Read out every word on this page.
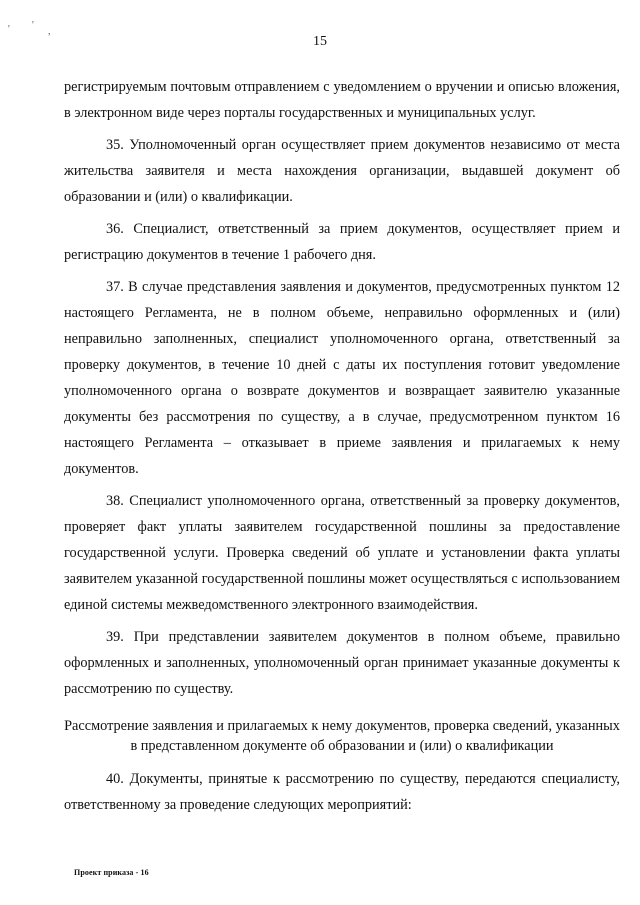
' '
,
15

регистрируемым почтовым отправлением с уведомлением о вручении и описью вложения, в электронном виде через порталы государственных и муниципальных услуг.

35. Уполномоченный орган осуществляет прием документов независимо от места жительства заявителя и места нахождения организации, выдавшей документ об образовании и (или) о квалификации.

36. Специалист, ответственный за прием документов, осуществляет прием и регистрацию документов в течение 1 рабочего дня.

37. В случае представления заявления и документов, предусмотренных пунктом 12 настоящего Регламента, не в полном объеме, неправильно оформленных и (или) неправильно заполненных, специалист уполномоченного органа, ответственный за проверку документов, в течение 10 дней с даты их поступления готовит уведомление уполномоченного органа о возврате документов и возвращает заявителю указанные документы без рассмотрения по существу, а в случае, предусмотренном пунктом 16 настоящего Регламента – отказывает в приеме заявления и прилагаемых к нему документов.

38. Специалист уполномоченного органа, ответственный за проверку документов, проверяет факт уплаты заявителем государственной пошлины за предоставление государственной услуги. Проверка сведений об уплате и установлении факта уплаты заявителем указанной государственной пошлины может осуществляться с использованием единой системы межведомственного электронного взаимодействия.

39. При представлении заявителем документов в полном объеме, правильно оформленных и заполненных, уполномоченный орган принимает указанные документы к рассмотрению по существу.

Рассмотрение заявления и прилагаемых к нему документов, проверка сведений, указанных в представленном документе об образовании и (или) о квалификации

40. Документы, принятые к рассмотрению по существу, передаются специалисту, ответственному за проведение следующих мероприятий:

Проект приказа - 16
